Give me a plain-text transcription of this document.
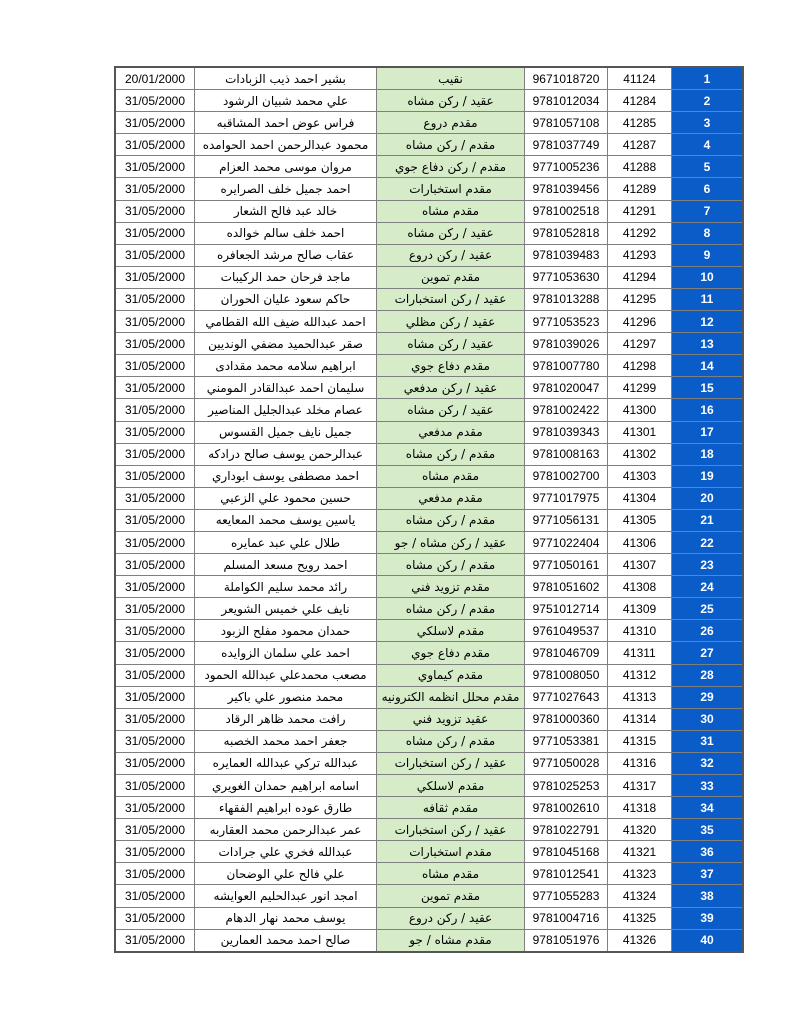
20/01/2000	بشير احمد ذيب الزبادات	نقيب	9671018720	41124	1
31/05/2000	علي محمد شبيان الرشود	عقيد / ركن مشاه	9781012034	41284	2
31/05/2000	فراس عوض احمد المشاقبه	مقدم دروع	9781057108	41285	3
31/05/2000	محمود عبدالرحمن احمد الحوامده	مقدم / ركن مشاه	9781037749	41287	4
31/05/2000	مروان موسى محمد العزام	مقدم / ركن دفاع جوي	9771005236	41288	5
31/05/2000	احمد جميل خلف الصرايره	مقدم استخبارات	9781039456	41289	6
31/05/2000	خالد عبد فالح الشعار	مقدم مشاه	9781002518	41291	7
31/05/2000	احمد خلف سالم خوالده	عقيد / ركن مشاه	9781052818	41292	8
31/05/2000	عقاب صالح مرشد الجعافره	عقيد / ركن دروع	9781039483	41293	9
31/05/2000	ماجد فرحان حمد الركيبات	مقدم تموين	9771053630	41294	10
31/05/2000	حاكم سعود عليان الحوران	عقيد / ركن استخبارات	9781013288	41295	11
31/05/2000	احمد عبدالله ضيف الله القطامي	عقيد / ركن مظلي	9771053523	41296	12
31/05/2000	صقر عبدالحميد مضفي الونديين	عقيد / ركن مشاه	9781039026	41297	13
31/05/2000	ابراهيم سلامه محمد مقدادى	مقدم دفاع جوي	9781007780	41298	14
31/05/2000	سليمان احمد عبدالقادر المومني	عقيد / ركن مدفعي	9781020047	41299	15
31/05/2000	عصام مخلد عبدالجليل المناصير	عقيد / ركن مشاه	9781002422	41300	16
31/05/2000	جميل نايف جميل القسوس	مقدم مدفعي	9781039343	41301	17
31/05/2000	عبدالرحمن يوسف صالح درادكه	مقدم / ركن مشاه	9781008163	41302	18
31/05/2000	احمد مصطفى يوسف ابوداري	مقدم مشاه	9781002700	41303	19
31/05/2000	حسين محمود علي الزعبي	مقدم مدفعي	9771017975	41304	20
31/05/2000	ياسين يوسف محمد المعايعه	مقدم / ركن مشاه	9771056131	41305	21
31/05/2000	طلال علي عبد عمايره	عقيد / ركن مشاه / جو	9771022404	41306	22
31/05/2000	احمد رويح مسعد المسلم	مقدم / ركن مشاه	9771050161	41307	23
31/05/2000	رائد محمد سليم الكواملة	مقدم تزويد فني	9781051602	41308	24
31/05/2000	نايف علي خميس الشويعر	مقدم / ركن مشاه	9751012714	41309	25
31/05/2000	حمدان محمود مفلح الزبود	مقدم لاسلكي	9761049537	41310	26
31/05/2000	احمد علي سلمان الزوايده	مقدم دفاع جوي	9781046709	41311	27
31/05/2000	مصعب محمدعلي عبدالله الحمود	مقدم كيماوي	9781008050	41312	28
31/05/2000	محمد منصور علي باكير	مقدم محلل انظمه الكترونيه	9771027643	41313	29
31/05/2000	رافت محمد ظاهر الرقاد	عقيد تزويد فني	9781000360	41314	30
31/05/2000	جعفر احمد محمد الخصبه	مقدم / ركن مشاه	9771053381	41315	31
31/05/2000	عبدالله تركي عبدالله العمايره	عقيد / ركن استخبارات	9771050028	41316	32
31/05/2000	اسامه ابراهيم حمدان الغويري	مقدم لاسلكي	9781025253	41317	33
31/05/2000	طارق عوده ابراهيم الفقهاء	مقدم ثقافه	9781002610	41318	34
31/05/2000	عمر عبدالرحمن محمد العقاربه	عقيد / ركن استخبارات	9781022791	41320	35
31/05/2000	عبدالله فخري علي جرادات	مقدم استخبارات	9781045168	41321	36
31/05/2000	علي فالح علي الوضحان	مقدم مشاه	9781012541	41323	37
31/05/2000	امجد انور عبدالحليم العوايشه	مقدم تموين	9771055283	41324	38
31/05/2000	يوسف محمد نهار الدهام	عقيد / ركن دروع	9781004716	41325	39
31/05/2000	صالح احمد محمد العمارين	مقدم مشاه / جو	9781051976	41326	40
